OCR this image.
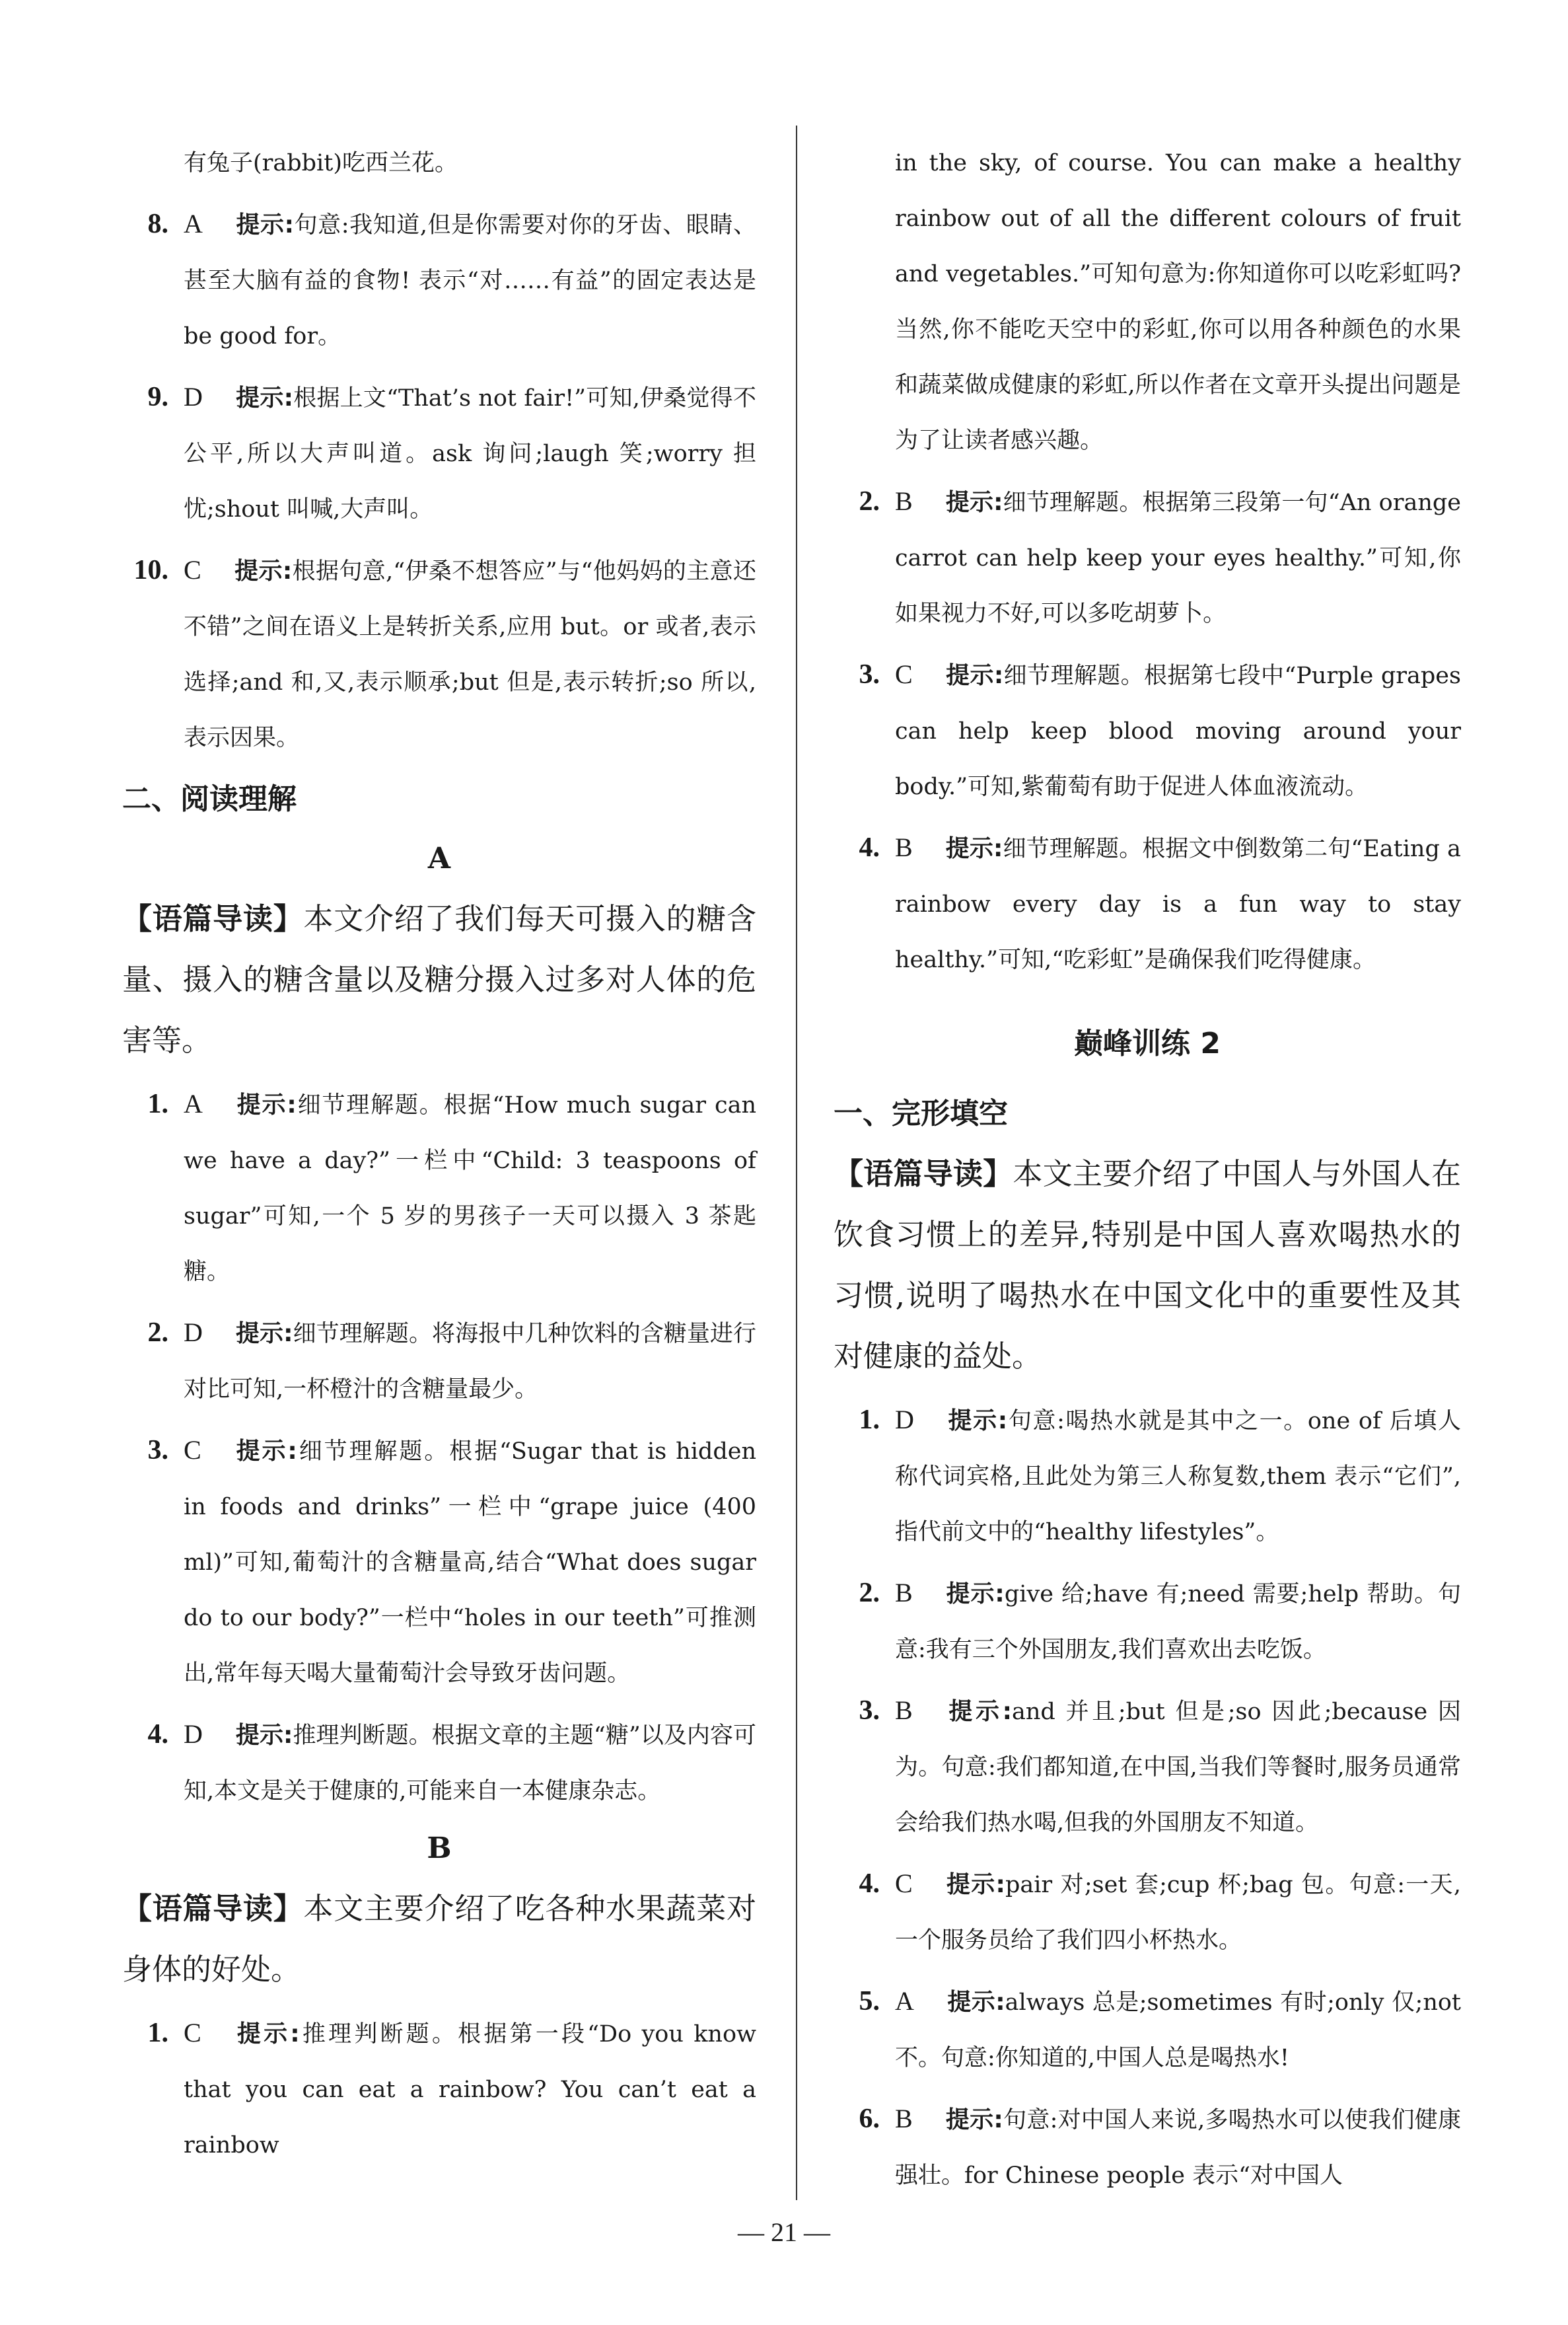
有兔子(rabbit)吃西兰花。
8. A 提示:句意:我知道,但是你需要对你的牙齿、眼睛、甚至大脑有益的食物! 表示“对……有益”的固定表达是 be good for。
9. D 提示:根据上文“That’s not fair!”可知,伊桑觉得不公平,所以大声叫道。ask 询问;laugh 笑;worry 担忧;shout 叫喊,大声叫。
10. C 提示:根据句意,“伊桑不想答应”与“他妈妈的主意还不错”之间在语义上是转折关系,应用 but。or 或者,表示选择;and 和,又,表示顺承;but 但是,表示转折;so 所以,表示因果。
二、阅读理解
A
【语篇导读】本文介绍了我们每天可摄入的糖含量、摄入的糖含量以及糖分摄入过多对人体的危害等。
1. A 提示:细节理解题。根据“How much sugar can we have a day?”一栏中“Child: 3 teaspoons of sugar”可知,一个 5 岁的男孩子一天可以摄入 3 茶匙糖。
2. D 提示:细节理解题。将海报中几种饮料的含糖量进行对比可知,一杯橙汁的含糖量最少。
3. C 提示:细节理解题。根据“Sugar that is hidden in foods and drinks”一栏中“grape juice (400 ml)”可知,葡萄汁的含糖量高,结合“What does sugar do to our body?”一栏中“holes in our teeth”可推测出,常年每天喝大量葡萄汁会导致牙齿问题。
4. D 提示:推理判断题。根据文章的主题“糖”以及内容可知,本文是关于健康的,可能来自一本健康杂志。
B
【语篇导读】本文主要介绍了吃各种水果蔬菜对身体的好处。
1. C 提示:推理判断题。根据第一段“Do you know that you can eat a rainbow? You can’t eat a rainbow
in the sky, of course. You can make a healthy rainbow out of all the different colours of fruit and vegetables.”可知句意为:你知道你可以吃彩虹吗?当然,你不能吃天空中的彩虹,你可以用各种颜色的水果和蔬菜做成健康的彩虹,所以作者在文章开头提出问题是为了让读者感兴趣。
2. B 提示:细节理解题。根据第三段第一句“An orange carrot can help keep your eyes healthy.”可知,你如果视力不好,可以多吃胡萝卜。
3. C 提示:细节理解题。根据第七段中“Purple grapes can help keep blood moving around your body.”可知,紫葡萄有助于促进人体血液流动。
4. B 提示:细节理解题。根据文中倒数第二句“Eating a rainbow every day is a fun way to stay healthy.”可知,“吃彩虹”是确保我们吃得健康。
巅峰训练 2
一、完形填空
【语篇导读】本文主要介绍了中国人与外国人在饮食习惯上的差异,特别是中国人喜欢喝热水的习惯,说明了喝热水在中国文化中的重要性及其对健康的益处。
1. D 提示:句意:喝热水就是其中之一。one of 后填人称代词宾格,且此处为第三人称复数,them 表示“它们”,指代前文中的“healthy lifestyles”。
2. B 提示:give 给;have 有;need 需要;help 帮助。句意:我有三个外国朋友,我们喜欢出去吃饭。
3. B 提示:and 并且;but 但是;so 因此;because 因为。句意:我们都知道,在中国,当我们等餐时,服务员通常会给我们热水喝,但我的外国朋友不知道。
4. C 提示:pair 对;set 套;cup 杯;bag 包。句意:一天,一个服务员给了我们四小杯热水。
5. A 提示:always 总是;sometimes 有时;only 仅;not 不。句意:你知道的,中国人总是喝热水!
6. B 提示:句意:对中国人来说,多喝热水可以使我们健康强壮。for Chinese people 表示“对中国人
— 21 —
